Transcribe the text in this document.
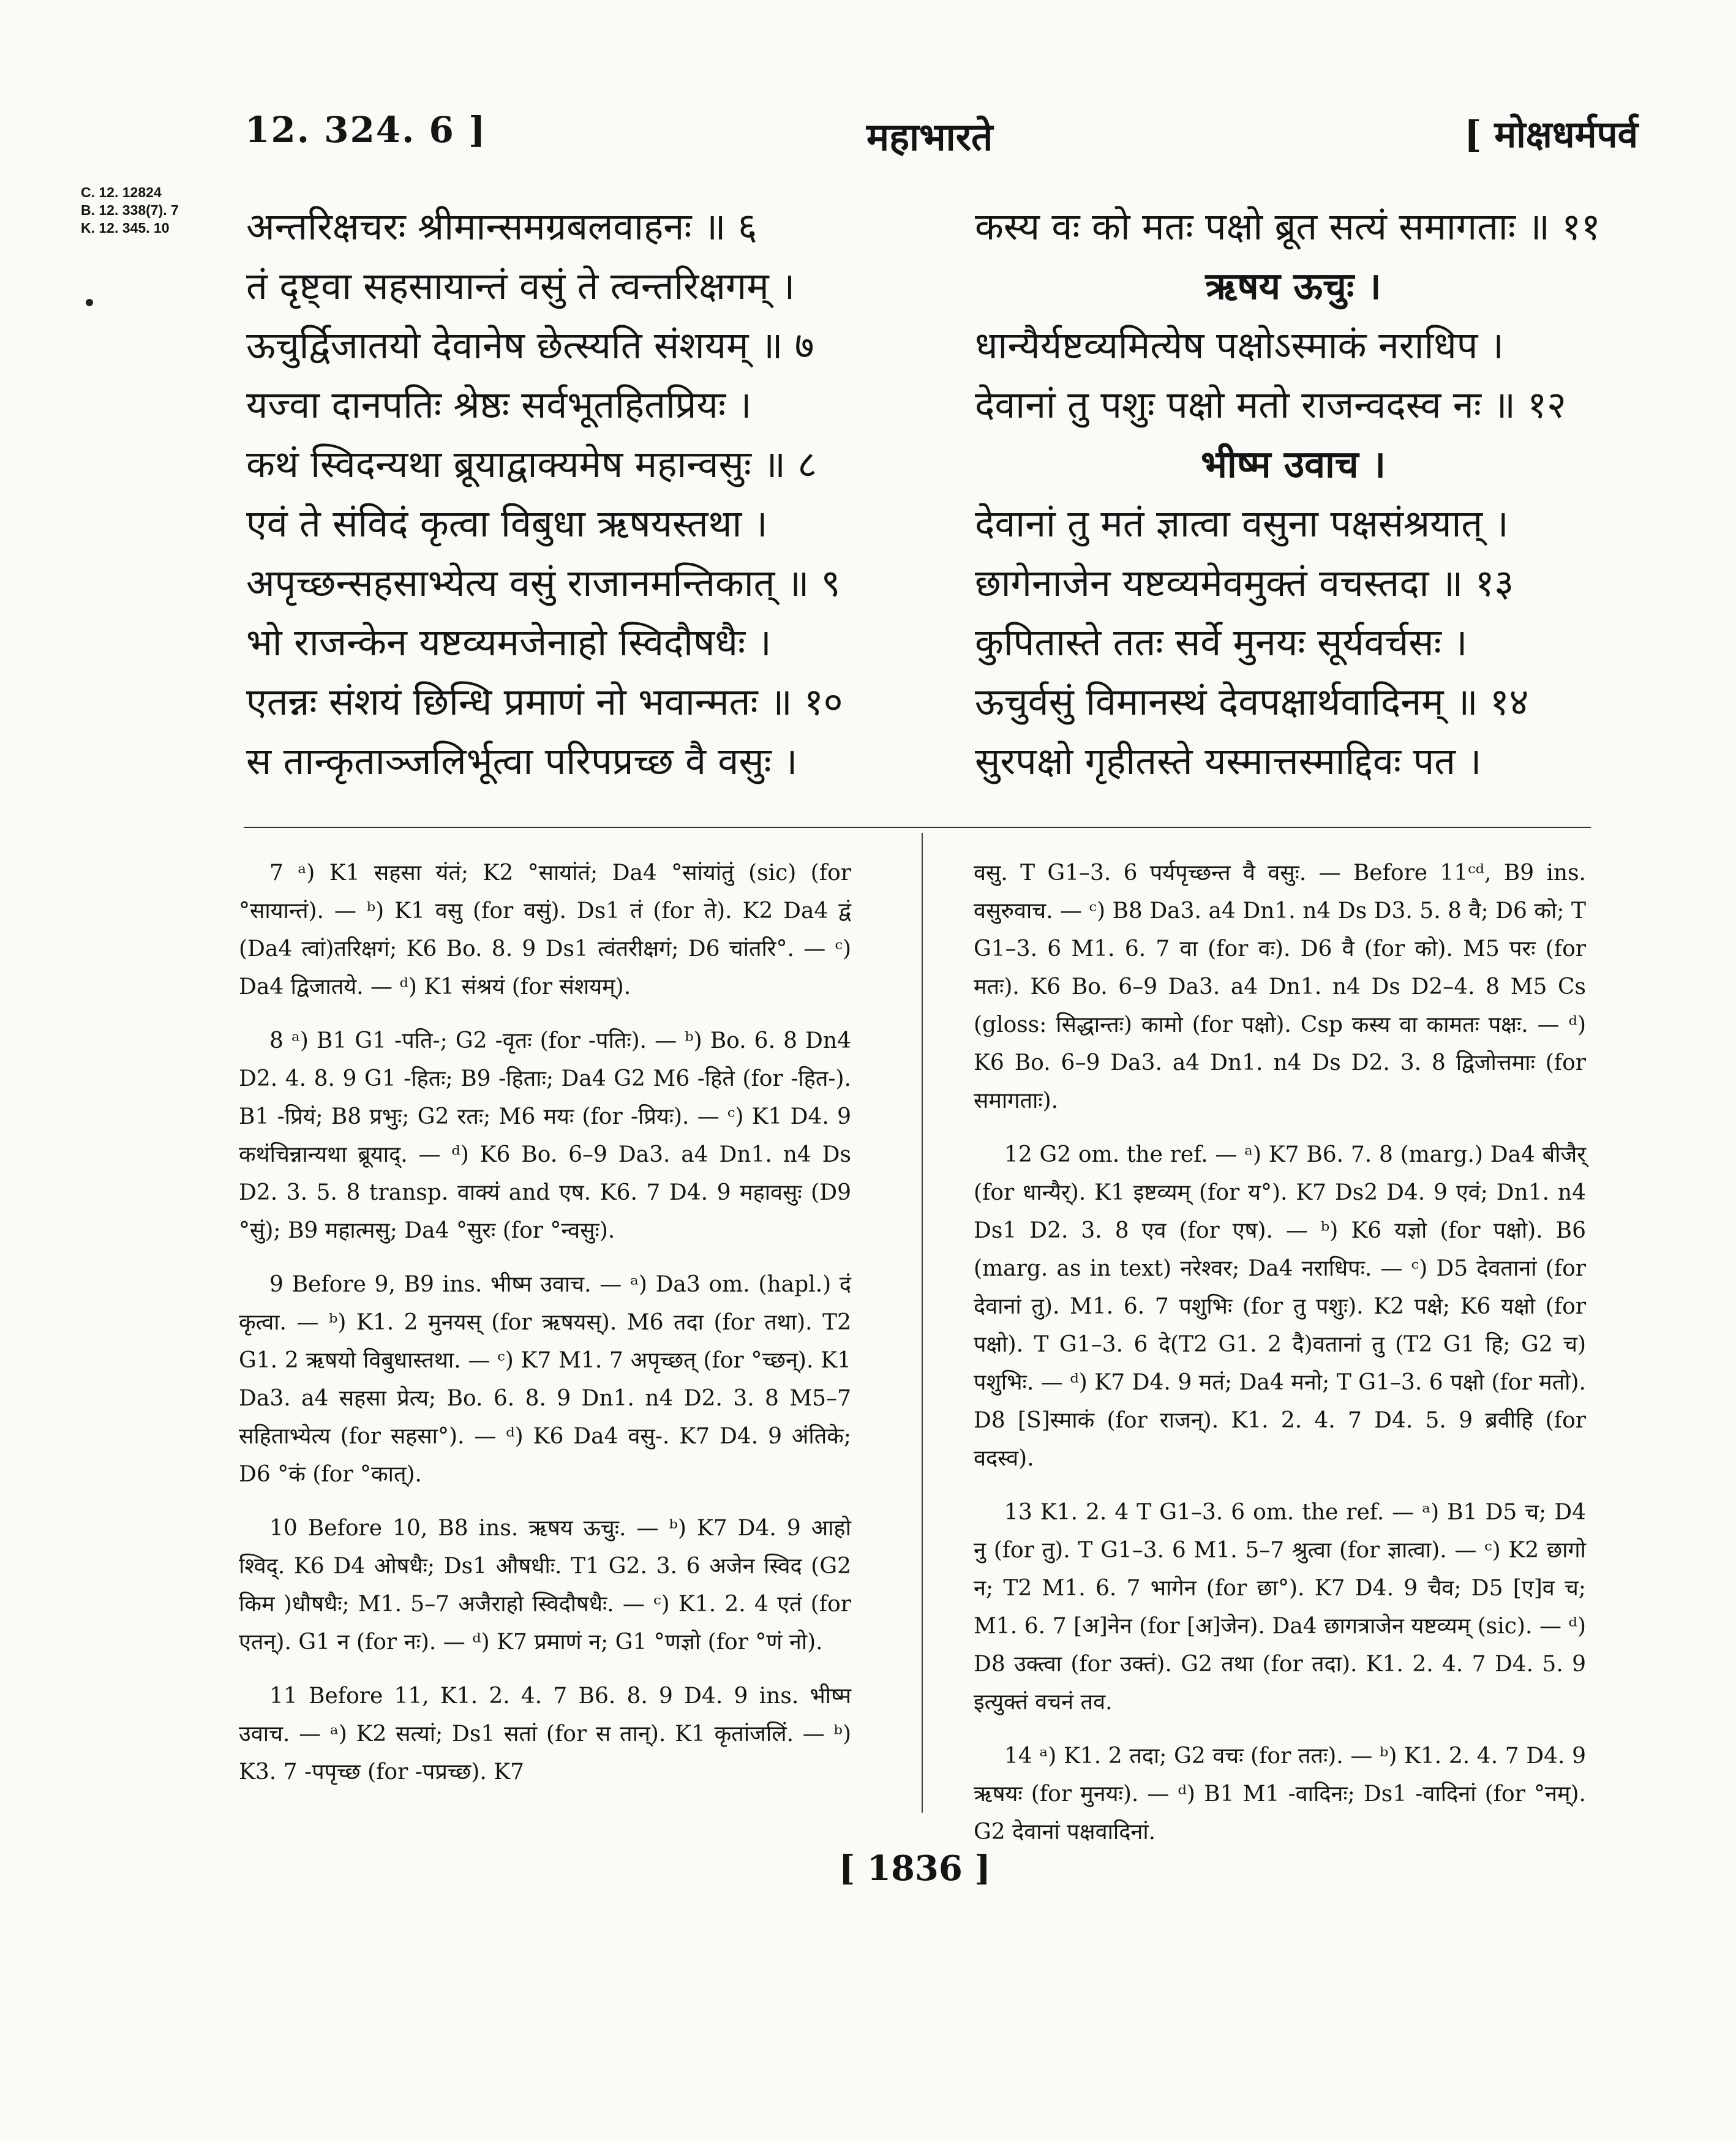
12. 324. 6 ]	महाभारते	[ मोक्षधर्मपर्व
C. 12. 12824
B. 12. 338(7). 7
K. 12. 345. 10 अन्तरिक्षचरः श्रीमान्समग्रबलवाहनः ॥ ६
तं दृष्ट्वा सहसायान्तं वसुं ते त्वन्तरिक्षगम् ।
ऊचुर्द्विजातयो देवानेष छेत्स्यति संशयम् ॥ ७
यज्वा दानपतिः श्रेष्ठः सर्वभूतहितप्रियः ।
कथं स्विदन्यथा ब्रूयाद्वाक्यमेष महान्वसुः ॥ ८
एवं ते संविदं कृत्वा विबुधा ऋषयस्तथा ।
अपृच्छन्सहसाभ्येत्य वसुं राजानमन्तिकात् ॥ ९
भो राजन्केन यष्टव्यमजेनाहो स्विदौषधैः ।
एतन्नः संशयं छिन्धि प्रमाणं नो भवान्मतः ॥ १०
स तान्कृताञ्जलिर्भूत्वा परिपप्रच्छ वै वसुः ।
कस्य वः को मतः पक्षो ब्रूत सत्यं समागताः ॥ ११
ऋषय ऊचुः ।
धान्यैर्यष्टव्यमित्येष पक्षोऽस्माकं नराधिप ।
देवानां तु पशुः पक्षो मतो राजन्वदस्व नः ॥ १२
भीष्म उवाच ।
देवानां तु मतं ज्ञात्वा वसुना पक्षसंश्रयात् ।
छागेनाजेन यष्टव्यमेवमुक्तं वचस्तदा ॥ १३
कुपितास्ते ततः सर्वे मुनयः सूर्यवर्चसः ।
ऊचुर्वसुं विमानस्थं देवपक्षार्थवादिनम् ॥ १४
सुरपक्षो गृहीतस्ते यस्मात्तस्माद्दिवः पत ।

7 ᵃ) K1 सहसा यंतं; K2 °सायांतं; Da4 °सांयांतुं (sic) (for °सायान्तं). — ᵇ) K1 वसु (for वसुं). Ds1 तं (for ते). K2 Da4 द्वं (Da4 त्वां)तरिक्षगं; K6 Bo. 8. 9 Ds1 त्वंतरीक्षगं; D6 चांतरि°. — ᶜ) Da4 द्विजातये. — ᵈ) K1 संश्रयं (for संशयम्).

8 ᵃ) B1 G1 -पति-; G2 -वृतः (for -पतिः). — ᵇ) Bo. 6. 8 Dn4 D2. 4. 8. 9 G1 -हितः; B9 -हिताः; Da4 G2 M6 -हिते (for -हित-). B1 -प्रियं; B8 प्रभुः; G2 रतः; M6 मयः (for -प्रियः). — ᶜ) K1 D4. 9 कथंचिन्नान्यथा ब्रूयाद्. — ᵈ) K6 Bo. 6–9 Da3. a4 Dn1. n4 Ds D2. 3. 5. 8 transp. वाक्यं and एष. K6. 7 D4. 9 महावसुः (D9 °सुं); B9 महात्मसु; Da4 °सुरः (for °न्वसुः).

9 Before 9, B9 ins. भीष्म उवाच. — ᵃ) Da3 om. (hapl.) दं कृत्वा. — ᵇ) K1. 2 मुनयस् (for ऋषयस्). M6 तदा (for तथा). T2 G1. 2 ऋषयो विबुधास्तथा. — ᶜ) K7 M1. 7 अपृच्छत् (for °च्छन्). K1 Da3. a4 सहसा प्रेत्य; Bo. 6. 8. 9 Dn1. n4 D2. 3. 8 M5–7 सहिताभ्येत्य (for सहसा°). — ᵈ) K6 Da4 वसु-. K7 D4. 9 अंतिके; D6 °कं (for °कात्).

10 Before 10, B8 ins. ऋषय ऊचुः. — ᵇ) K7 D4. 9 आहो श्विद्. K6 D4 ओषधैः; Ds1 औषधीः. T1 G2. 3. 6 अजेन स्विद (G2 किम )धौषधैः; M1. 5–7 अजैराहो स्विदौषधैः. — ᶜ) K1. 2. 4 एतं (for एतन्). G1 न (for नः). — ᵈ) K7 प्रमाणं न; G1 °णज्ञो (for °णं नो).

11 Before 11, K1. 2. 4. 7 B6. 8. 9 D4. 9 ins. भीष्म उवाच. — ᵃ) K2 सत्यां; Ds1 सतां (for स तान्). K1 कृतांजलिं. — ᵇ) K3. 7 -पपृच्छ (for -पप्रच्छ). K7

वसु. T G1–3. 6 पर्यपृच्छन्त वै वसुः. — Before 11ᶜᵈ, B9 ins. वसुरुवाच. — ᶜ) B8 Da3. a4 Dn1. n4 Ds D3. 5. 8 वै; D6 को; T G1–3. 6 M1. 6. 7 वा (for वः). D6 वै (for को). M5 परः (for मतः). K6 Bo. 6–9 Da3. a4 Dn1. n4 Ds D2–4. 8 M5 Cs (gloss: सिद्धान्तः) कामो (for पक्षो). Csp कस्य वा कामतः पक्षः. — ᵈ) K6 Bo. 6–9 Da3. a4 Dn1. n4 Ds D2. 3. 8 द्विजोत्तमाः (for समागताः).

12 G2 om. the ref. — ᵃ) K7 B6. 7. 8 (marg.) Da4 बीजैर् (for धान्यैर्). K1 इष्टव्यम् (for य°). K7 Ds2 D4. 9 एवं; Dn1. n4 Ds1 D2. 3. 8 एव (for एष). — ᵇ) K6 यज्ञो (for पक्षो). B6 (marg. as in text) नरेश्वर; Da4 नराधिपः. — ᶜ) D5 देवतानां (for देवानां तु). M1. 6. 7 पशुभिः (for तु पशुः). K2 पक्षे; K6 यक्षो (for पक्षो). T G1–3. 6 दे(T2 G1. 2 दै)वतानां तु (T2 G1 हि; G2 च) पशुभिः. — ᵈ) K7 D4. 9 मतं; Da4 मनो; T G1–3. 6 पक्षो (for मतो). D8 [S]स्माकं (for राजन्). K1. 2. 4. 7 D4. 5. 9 ब्रवीहि (for वदस्व).

13 K1. 2. 4 T G1–3. 6 om. the ref. — ᵃ) B1 D5 च; D4 नु (for तु). T G1–3. 6 M1. 5–7 श्रुत्वा (for ज्ञात्वा). — ᶜ) K2 छागो न; T2 M1. 6. 7 भागेन (for छा°). K7 D4. 9 चैव; D5 [ए]व च; M1. 6. 7 [अ]नेन (for [अ]जेन). Da4 छागत्राजेन यष्टव्यम् (sic). — ᵈ) D8 उक्त्वा (for उक्तं). G2 तथा (for तदा). K1. 2. 4. 7 D4. 5. 9 इत्युक्तं वचनं तव.

14 ᵃ) K1. 2 तदा; G2 वचः (for ततः). — ᵇ) K1. 2. 4. 7 D4. 9 ऋषयः (for मुनयः). — ᵈ) B1 M1 -वादिनः; Ds1 -वादिनां (for °नम्). G2 देवानां पक्षवादिनां.

[ 1836 ]
